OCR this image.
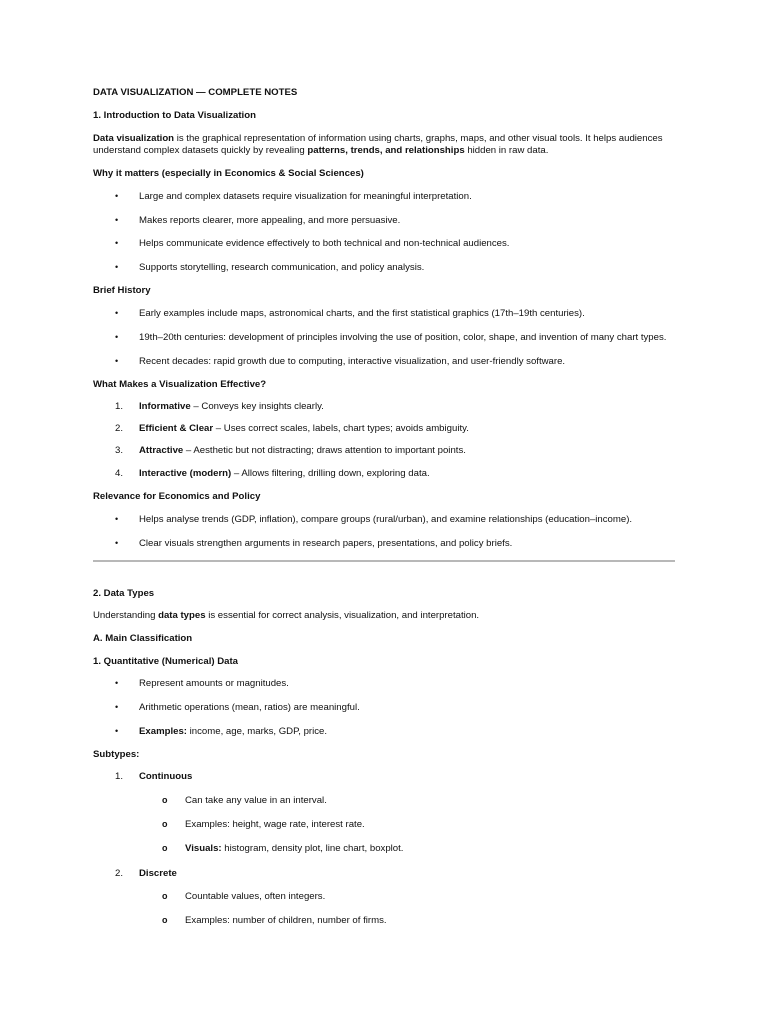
DATA VISUALIZATION — COMPLETE NOTES
1. Introduction to Data Visualization
Data visualization is the graphical representation of information using charts, graphs, maps, and other visual tools. It helps audiences understand complex datasets quickly by revealing patterns, trends, and relationships hidden in raw data.
Why it matters (especially in Economics & Social Sciences)
• Large and complex datasets require visualization for meaningful interpretation.
• Makes reports clearer, more appealing, and more persuasive.
• Helps communicate evidence effectively to both technical and non-technical audiences.
• Supports storytelling, research communication, and policy analysis.
Brief History
• Early examples include maps, astronomical charts, and the first statistical graphics (17th–19th centuries).
• 19th–20th centuries: development of principles involving the use of position, color, shape, and invention of many chart types.
• Recent decades: rapid growth due to computing, interactive visualization, and user-friendly software.
What Makes a Visualization Effective?
1. Informative – Conveys key insights clearly.
2. Efficient & Clear – Uses correct scales, labels, chart types; avoids ambiguity.
3. Attractive – Aesthetic but not distracting; draws attention to important points.
4. Interactive (modern) – Allows filtering, drilling down, exploring data.
Relevance for Economics and Policy
• Helps analyse trends (GDP, inflation), compare groups (rural/urban), and examine relationships (education–income).
• Clear visuals strengthen arguments in research papers, presentations, and policy briefs.
2. Data Types
Understanding data types is essential for correct analysis, visualization, and interpretation.
A. Main Classification
1. Quantitative (Numerical) Data
• Represent amounts or magnitudes.
• Arithmetic operations (mean, ratios) are meaningful.
• Examples: income, age, marks, GDP, price.
Subtypes:
1. Continuous
o Can take any value in an interval.
o Examples: height, wage rate, interest rate.
o Visuals: histogram, density plot, line chart, boxplot.
2. Discrete
o Countable values, often integers.
o Examples: number of children, number of firms.
